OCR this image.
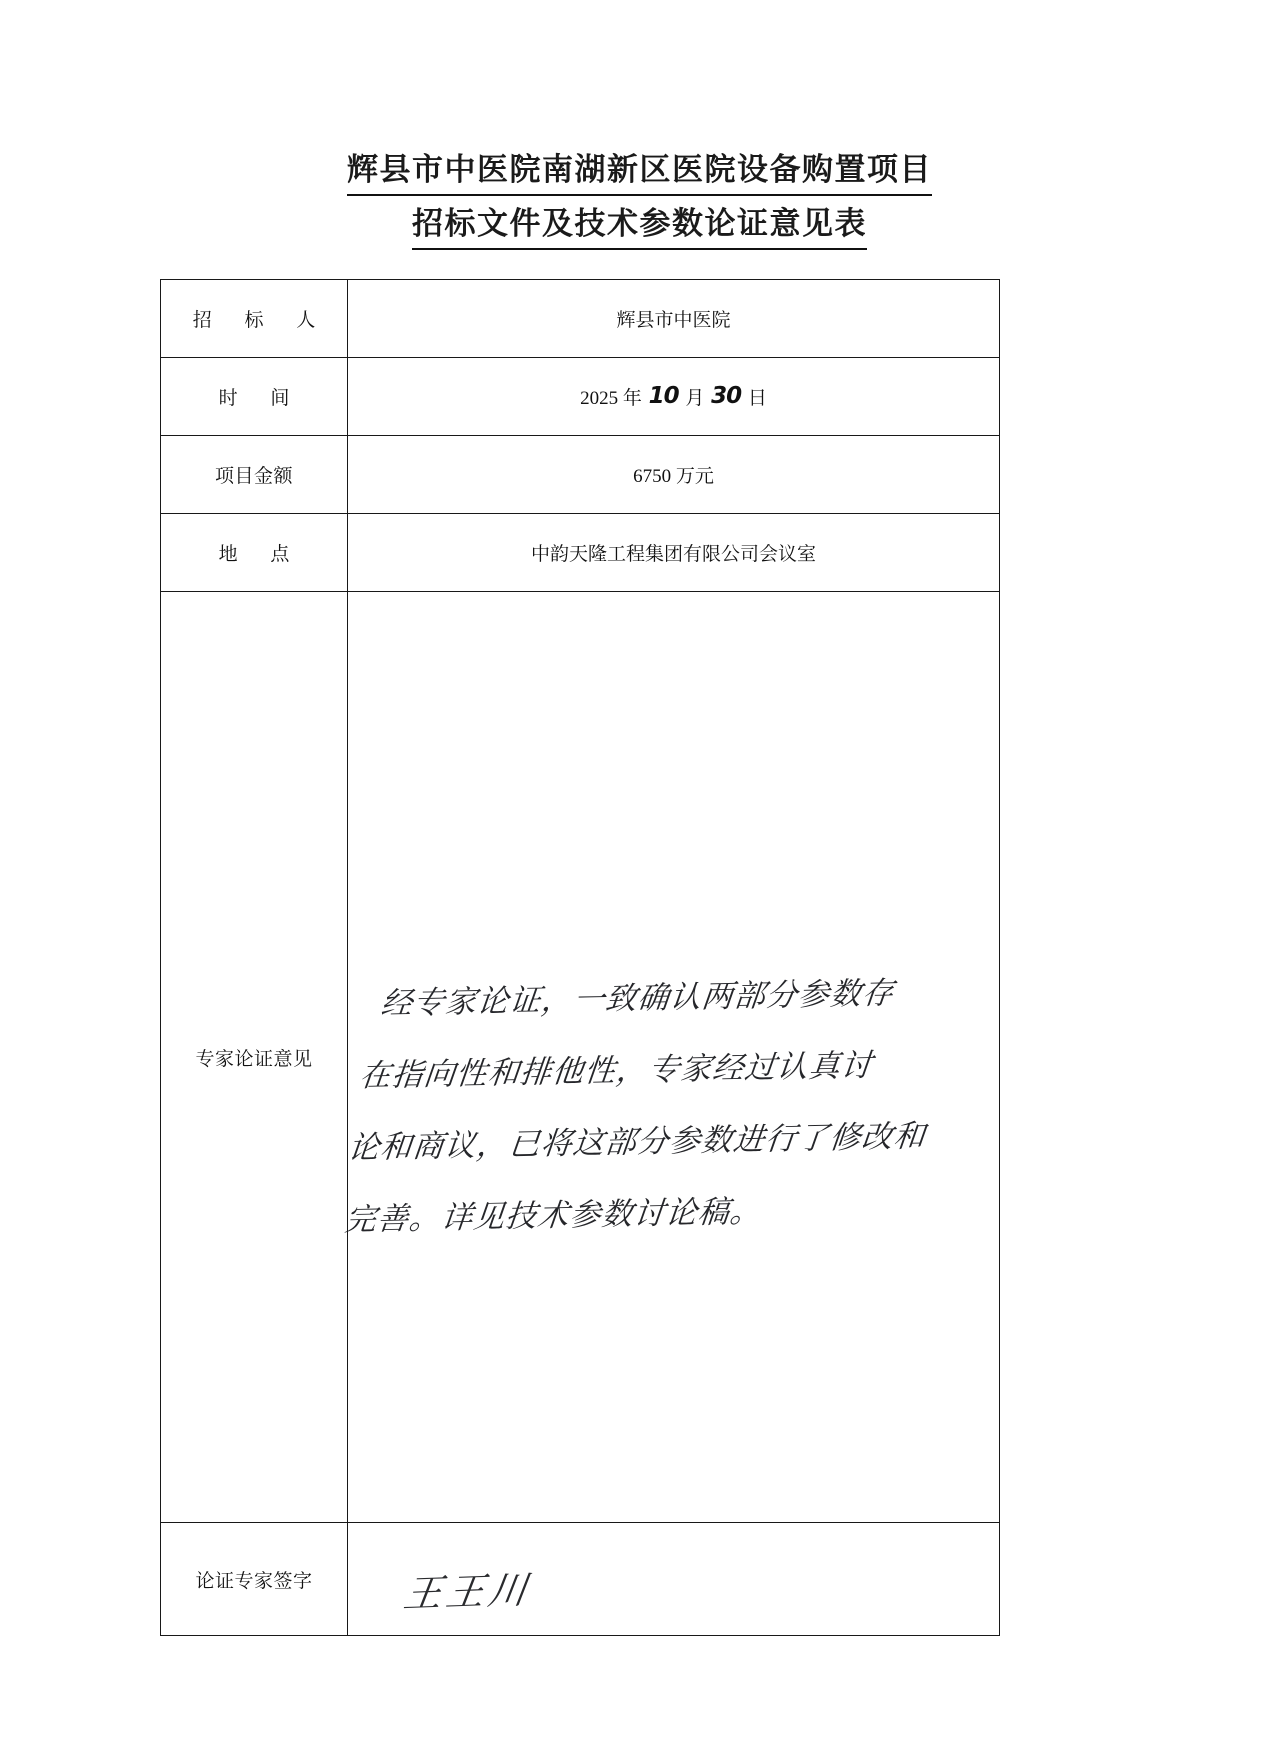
辉县市中医院南湖新区医院设备购置项目
招标文件及技术参数论证意见表
招 标 人	辉县市中医院
时 间	2025 年 10 月 30 日
项目金额	6750 万元
地 点	中韵天隆工程集团有限公司会议室
专家论证意见	经专家论证，一致确认两部分参数存
在指向性和排他性，专家经过认真讨
论和商议，已将这部分参数进行了修改和
完善。详见技术参数讨论稿。

论证专家签字	王王川
